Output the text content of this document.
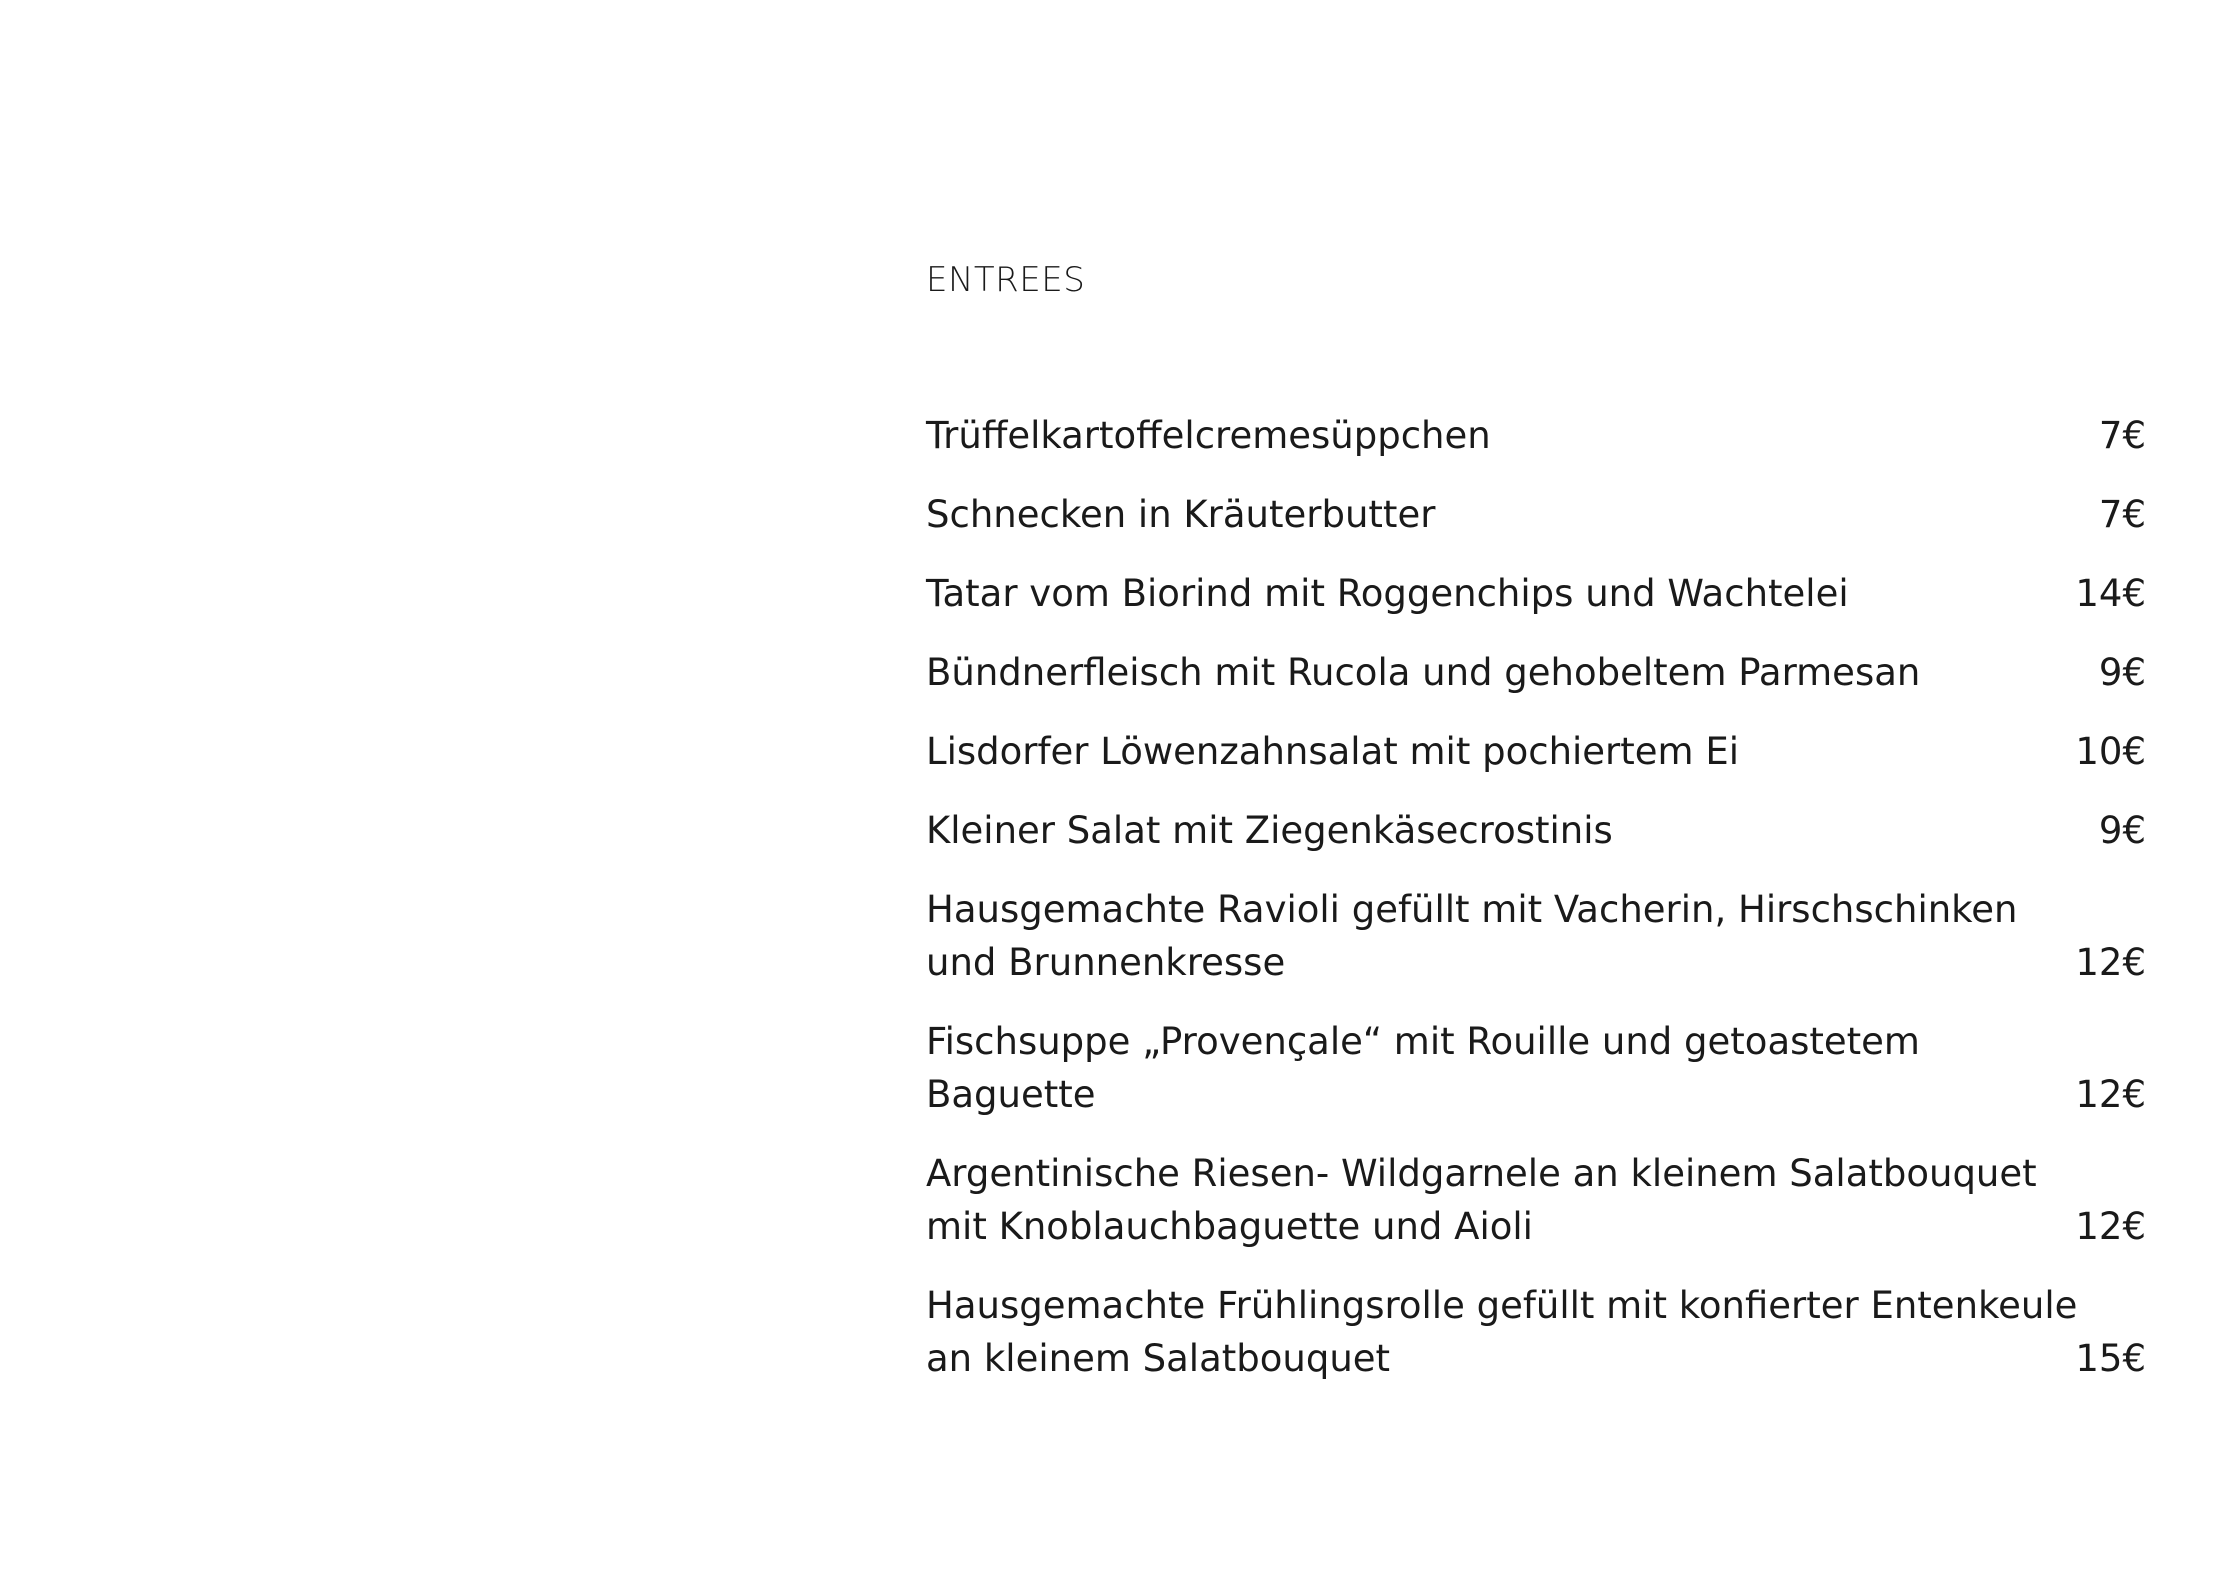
ENTREES
Trüffelkartoffelcremesüppchen	7€
Schnecken in Kräuterbutter	7€
Tatar vom Biorind mit Roggenchips und Wachtelei	14€
Bündnerfleisch mit Rucola und gehobeltem Parmesan	9€
Lisdorfer Löwenzahnsalat mit pochiertem Ei	10€
Kleiner Salat mit Ziegenkäsecrostinis	9€
Hausgemachte Ravioli gefüllt mit Vacherin, Hirschschinken und Brunnenkresse	12€
Fischsuppe „Provençale“ mit Rouille und getoastetem Baguette	12€
Argentinische Riesen- Wildgarnele an kleinem Salatbouquet mit Knoblauchbaguette und Aioli	12€
Hausgemachte Frühlingsrolle gefüllt mit konfierter Entenkeule an kleinem Salatbouquet	15€
